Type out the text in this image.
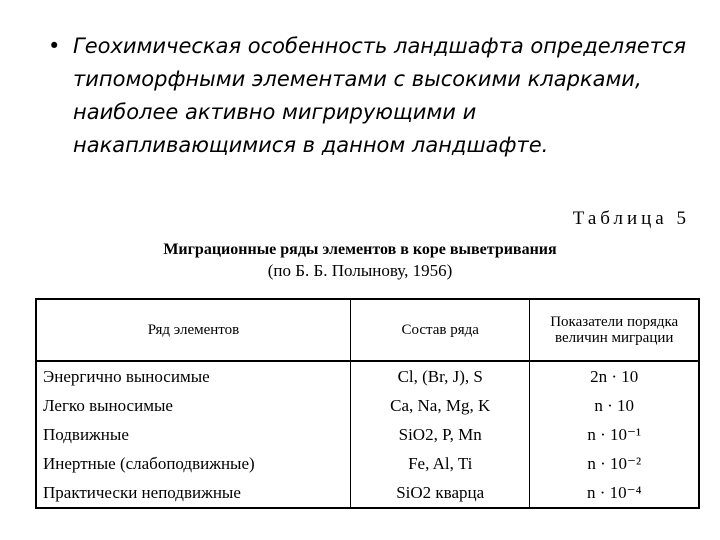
• Геохимическая особенность ландшафта определяется типоморфными элементами с высокими кларками, наиболее активно мигрирующими и накапливающимися в данном ландшафте.
Таблица 5
Миграционные ряды элементов в коре выветривания
(по Б. Б. Полынову, 1956)
Ряд элементов	Состав ряда	Показатели порядка величин миграции
Энергично выносимые	Cl, (Br, J), S	2n · 10
Легко выносимые	Ca, Na, Mg, K	n · 10
Подвижные	SiO2, P, Mn	n · 10⁻¹
Инертные (слабоподвижные)	Fe, Al, Ti	n · 10⁻²
Практически неподвижные	SiO2 кварца	n · 10⁻⁴
